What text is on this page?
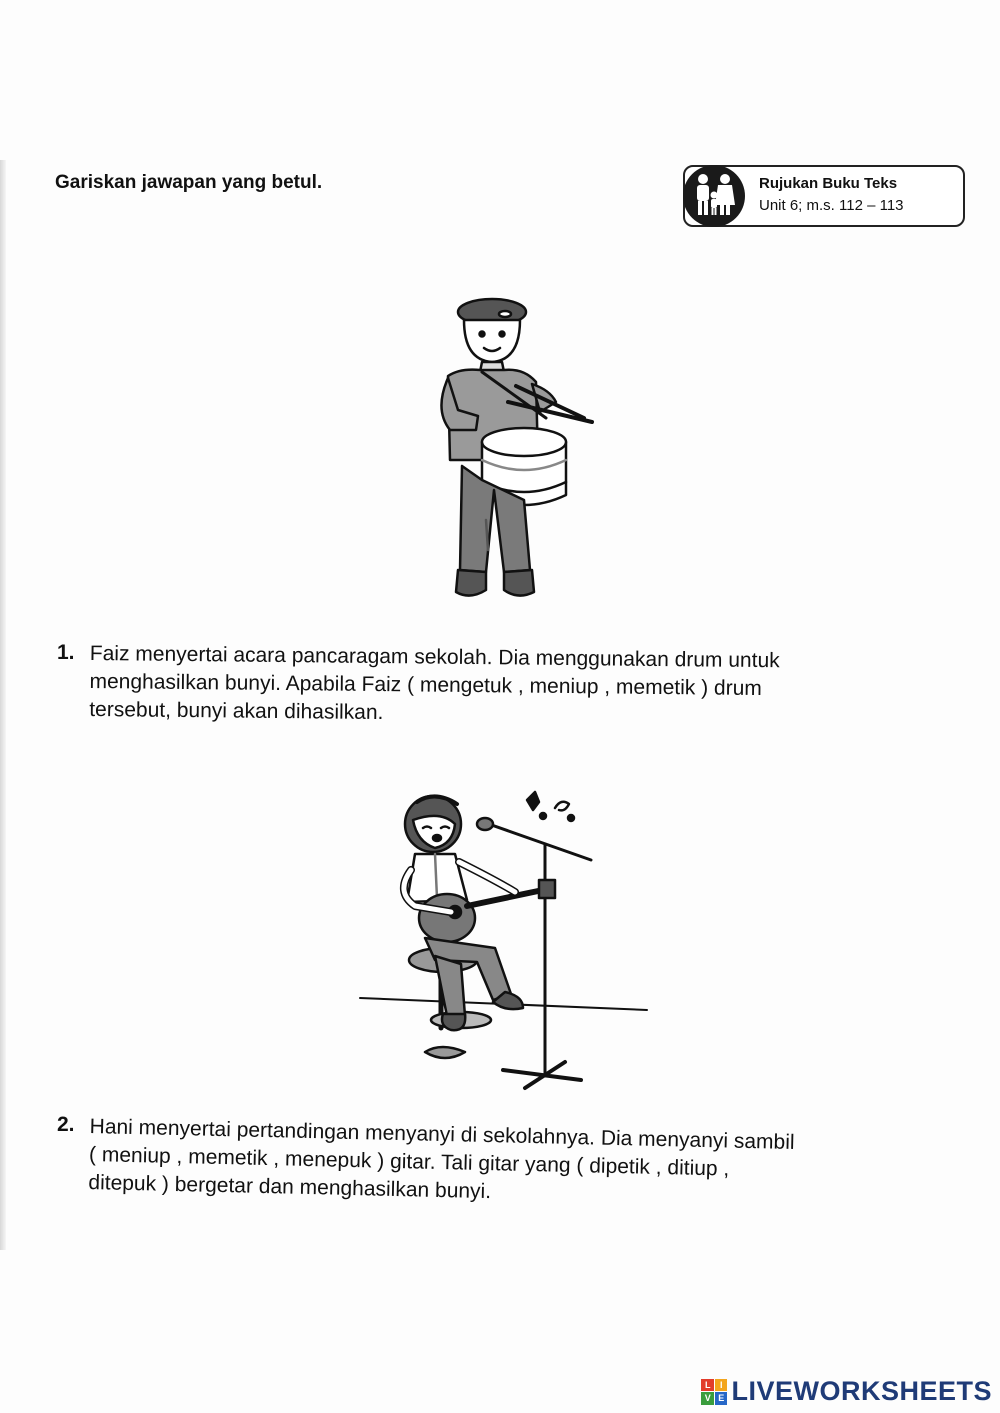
Gariskan jawapan yang betul.	Rujukan Buku Teks
Unit 6; m.s. 112 – 113
1. Faiz menyertai acara pancaragam sekolah. Dia menggunakan drum untuk
menghasilkan bunyi. Apabila Faiz ( mengetuk , meniup , memetik ) drum
tersebut, bunyi akan dihasilkan.
2. Hani menyertai pertandingan menyanyi di sekolahnya. Dia menyanyi sambil
( meniup , memetik , menepuk ) gitar. Tali gitar yang ( dipetik , ditiup ,
ditepuk ) bergetar dan menghasilkan bunyi.
L	I
V E LIVEWORKSHEETS
